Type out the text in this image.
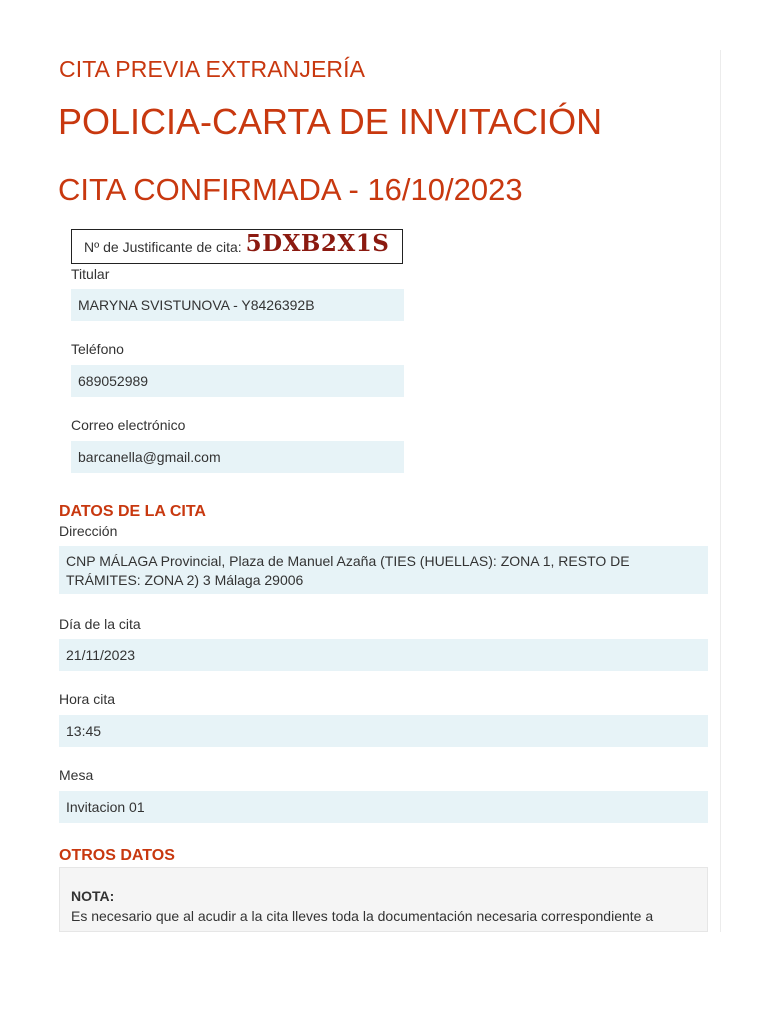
CITA PREVIA EXTRANJERÍA
POLICIA-CARTA DE INVITACIÓN
CITA CONFIRMADA - 16/10/2023
Nº de Justificante de cita: 5DXB2X1S
Titular
MARYNA SVISTUNOVA - Y8426392B
Teléfono
689052989
Correo electrónico
barcanella@gmail.com
DATOS DE LA CITA
Dirección
CNP MÁLAGA Provincial, Plaza de Manuel Azaña (TIES (HUELLAS): ZONA 1, RESTO DE TRÁMITES: ZONA 2) 3 Málaga 29006
Día de la cita
21/11/2023
Hora cita
13:45
Mesa
Invitacion 01
OTROS DATOS
NOTA:
Es necesario que al acudir a la cita lleves toda la documentación necesaria correspondiente a
